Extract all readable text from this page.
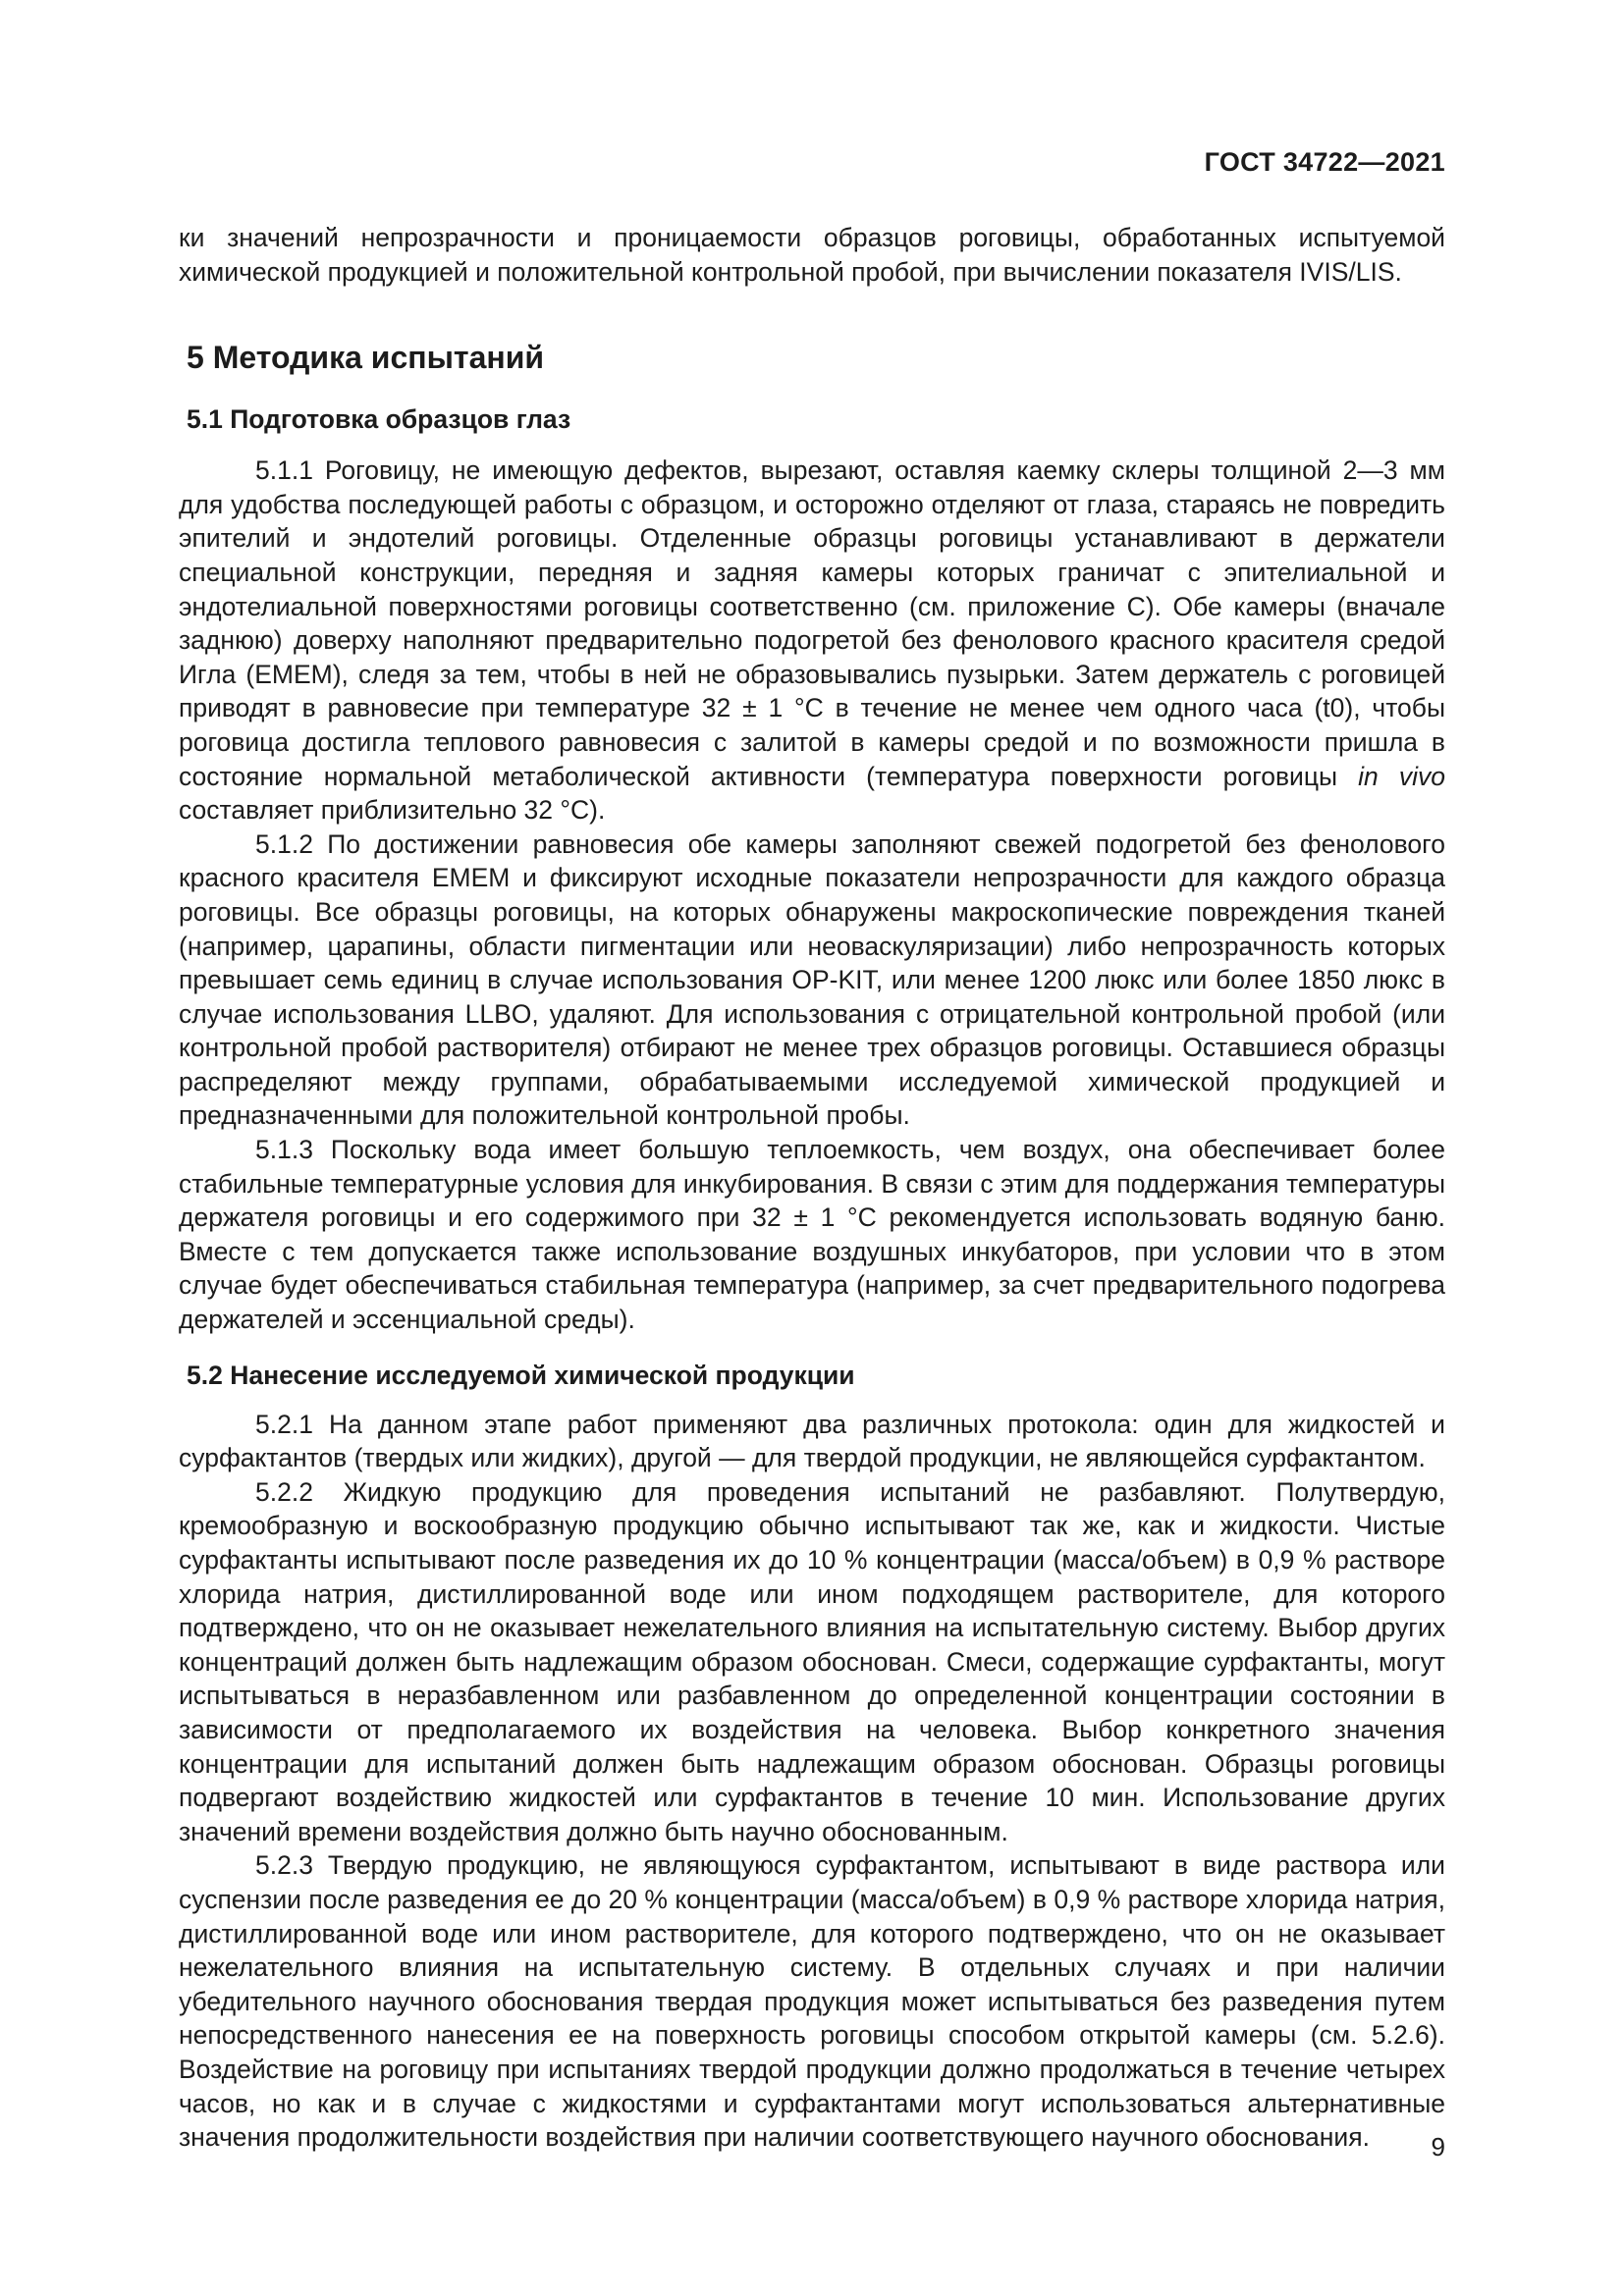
ГОСТ 34722—2021

ки значений непрозрачности и проницаемости образцов роговицы, обработанных испытуемой химической продукцией и положительной контрольной пробой, при вычислении показателя IVIS/LIS.

5 Методика испытаний
5.1 Подготовка образцов глаз

5.1.1 Роговицу, не имеющую дефектов, вырезают, оставляя каемку склеры толщиной 2—3 мм для удобства последующей работы с образцом, и осторожно отделяют от глаза, стараясь не повредить эпителий и эндотелий роговицы. Отделенные образцы роговицы устанавливают в держатели специальной конструкции, передняя и задняя камеры которых граничат с эпителиальной и эндотелиальной поверхностями роговицы соответственно (см. приложение С). Обе камеры (вначале заднюю) доверху наполняют предварительно подогретой без фенолового красного красителя средой Игла (EMEM), следя за тем, чтобы в ней не образовывались пузырьки. Затем держатель с роговицей приводят в равновесие при температуре 32 ± 1 °С в течение не менее чем одного часа (t0), чтобы роговица достигла теплового равновесия с залитой в камеры средой и по возможности пришла в состояние нормальной метаболической активности (температура поверхности роговицы in vivo составляет приблизительно 32 °С).

5.1.2 По достижении равновесия обе камеры заполняют свежей подогретой без фенолового красного красителя EMEM и фиксируют исходные показатели непрозрачности для каждого образца роговицы. Все образцы роговицы, на которых обнаружены макроскопические повреждения тканей (например, царапины, области пигментации или неоваскуляризации) либо непрозрачность которых превышает семь единиц в случае использования OP-KIT, или менее 1200 люкс или более 1850 люкс в случае использования LLBO, удаляют. Для использования с отрицательной контрольной пробой (или контрольной пробой растворителя) отбирают не менее трех образцов роговицы. Оставшиеся образцы распределяют между группами, обрабатываемыми исследуемой химической продукцией и предназначенными для положительной контрольной пробы.

5.1.3 Поскольку вода имеет большую теплоемкость, чем воздух, она обеспечивает более стабильные температурные условия для инкубирования. В связи с этим для поддержания температуры держателя роговицы и его содержимого при 32 ± 1 °С рекомендуется использовать водяную баню. Вместе с тем допускается также использование воздушных инкубаторов, при условии что в этом случае будет обеспечиваться стабильная температура (например, за счет предварительного подогрева держателей и эссенциальной среды).

5.2 Нанесение исследуемой химической продукции

5.2.1 На данном этапе работ применяют два различных протокола: один для жидкостей и сурфактантов (твердых или жидких), другой — для твердой продукции, не являющейся сурфактантом.

5.2.2 Жидкую продукцию для проведения испытаний не разбавляют. Полутвердую, кремообразную и воскообразную продукцию обычно испытывают так же, как и жидкости. Чистые сурфактанты испытывают после разведения их до 10 % концентрации (масса/объем) в 0,9 % растворе хлорида натрия, дистиллированной воде или ином подходящем растворителе, для которого подтверждено, что он не оказывает нежелательного влияния на испытательную систему. Выбор других концентраций должен быть надлежащим образом обоснован. Смеси, содержащие сурфактанты, могут испытываться в неразбавленном или разбавленном до определенной концентрации состоянии в зависимости от предполагаемого их воздействия на человека. Выбор конкретного значения концентрации для испытаний должен быть надлежащим образом обоснован. Образцы роговицы подвергают воздействию жидкостей или сурфактантов в течение 10 мин. Использование других значений времени воздействия должно быть научно обоснованным.

5.2.3 Твердую продукцию, не являющуюся сурфактантом, испытывают в виде раствора или суспензии после разведения ее до 20 % концентрации (масса/объем) в 0,9 % растворе хлорида натрия, дистиллированной воде или ином растворителе, для которого подтверждено, что он не оказывает нежелательного влияния на испытательную систему. В отдельных случаях и при наличии убедительного научного обоснования твердая продукция может испытываться без разведения путем непосредственного нанесения ее на поверхность роговицы способом открытой камеры (см. 5.2.6). Воздействие на роговицу при испытаниях твердой продукции должно продолжаться в течение четырех часов, но как и в случае с жидкостями и сурфактантами могут использоваться альтернативные значения продолжительности воздействия при наличии соответствующего научного обоснования.	9
